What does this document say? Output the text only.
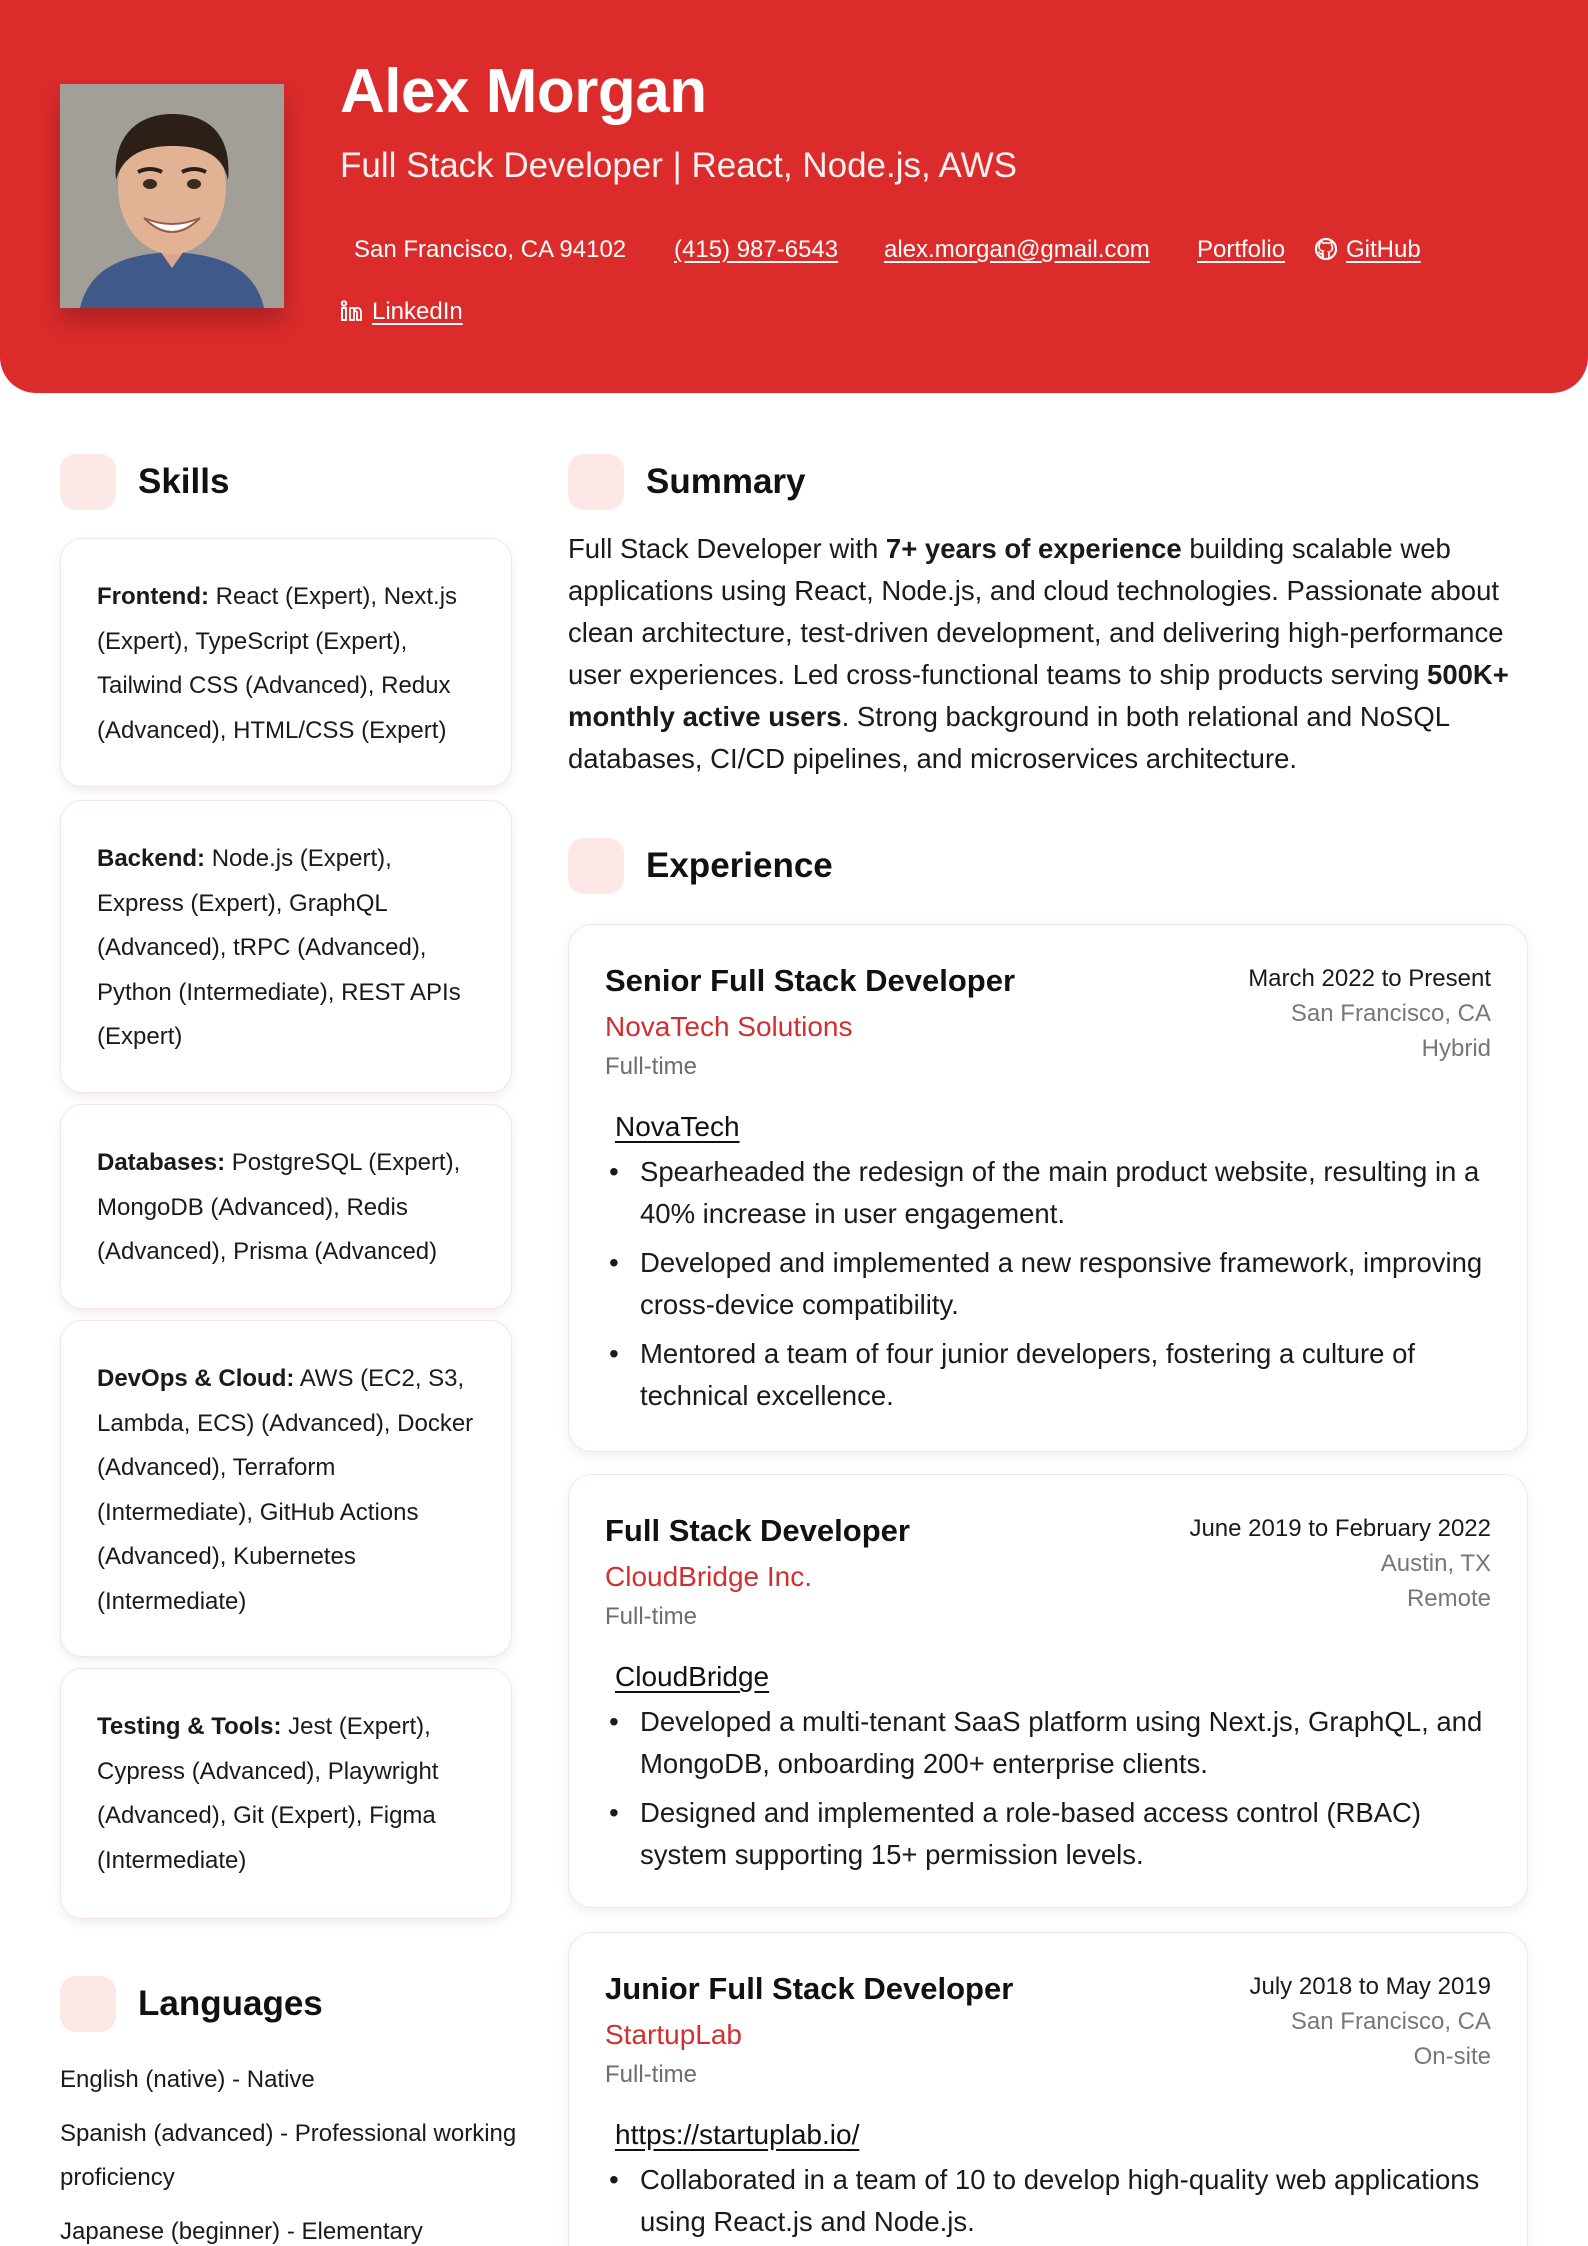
Alex Morgan
Full Stack Developer | React, Node.js, AWS
San Francisco, CA 94102 (415) 987-6543 alex.morgan@gmail.com Portfolio	GitHub
LinkedIn
Skills
Frontend: React (Expert), Next.js (Expert), TypeScript (Expert), Tailwind CSS (Advanced), Redux (Advanced), HTML/CSS (Expert)
Backend: Node.js (Expert), Express (Expert), GraphQL (Advanced), tRPC (Advanced), Python (Intermediate), REST APIs (Expert)
Databases: PostgreSQL (Expert), MongoDB (Advanced), Redis (Advanced), Prisma (Advanced)
DevOps & Cloud: AWS (EC2, S3, Lambda, ECS) (Advanced), Docker (Advanced), Terraform (Intermediate), GitHub Actions (Advanced), Kubernetes (Intermediate)
Testing & Tools: Jest (Expert), Cypress (Advanced), Playwright (Advanced), Git (Expert), Figma (Intermediate)
Languages
English (native) - Native
Spanish (advanced) - Professional working proficiency
Japanese (beginner) - Elementary
Summary
Full Stack Developer with 7+ years of experience building scalable web applications using React, Node.js, and cloud technologies. Passionate about clean architecture, test-driven development, and delivering high-performance user experiences. Led cross-functional teams to ship products serving 500K+ monthly active users. Strong background in both relational and NoSQL databases, CI/CD pipelines, and microservices architecture.
Experience
Senior Full Stack Developer
NovaTech Solutions
Full-time
March 2022 to Present
San Francisco, CA
Hybrid
NovaTech
• Spearheaded the redesign of the main product website, resulting in a 40% increase in user engagement.
• Developed and implemented a new responsive framework, improving cross-device compatibility.
• Mentored a team of four junior developers, fostering a culture of technical excellence.
Full Stack Developer
CloudBridge Inc.
Full-time
June 2019 to February 2022
Austin, TX
Remote
CloudBridge
• Developed a multi-tenant SaaS platform using Next.js, GraphQL, and MongoDB, onboarding 200+ enterprise clients.
• Designed and implemented a role-based access control (RBAC) system supporting 15+ permission levels.
Junior Full Stack Developer
StartupLab
Full-time
July 2018 to May 2019
San Francisco, CA
On-site
https://startuplab.io/
• Collaborated in a team of 10 to develop high-quality web applications using React.js and Node.js.
